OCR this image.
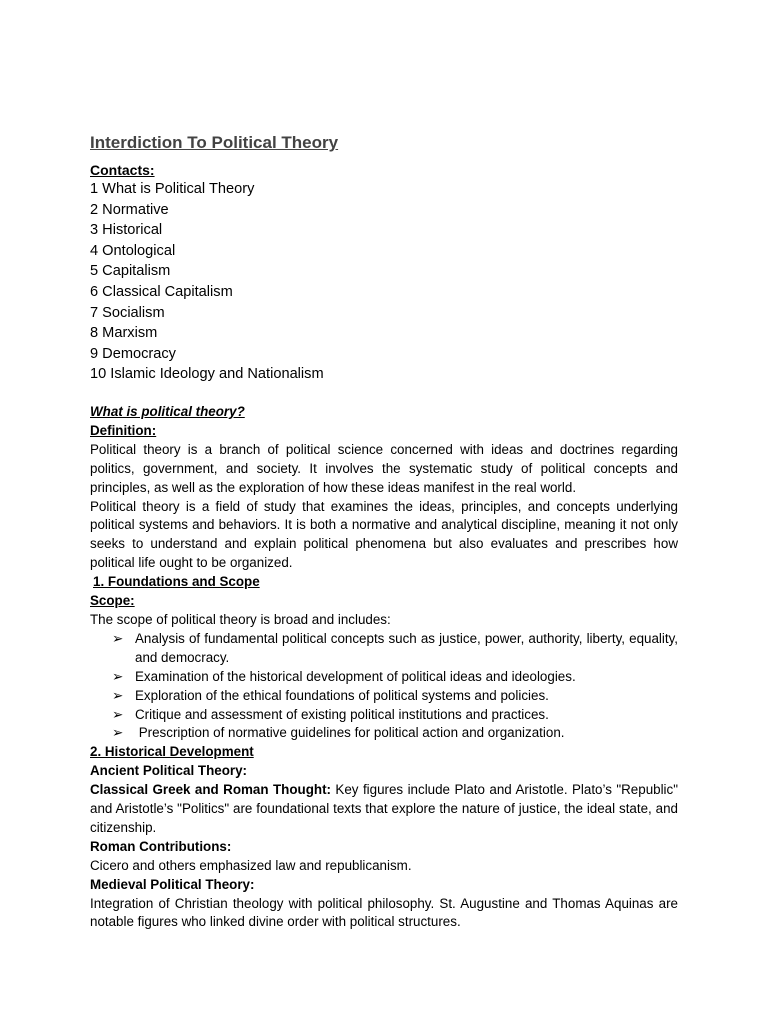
Interdiction To Political Theory
Contacts:
1 What is Political Theory
2 Normative
3 Historical
4 Ontological
5 Capitalism
6 Classical Capitalism
7 Socialism
8 Marxism
9 Democracy
10 Islamic Ideology and Nationalism

What is political theory?

Definition:

Political theory is a branch of political science concerned with ideas and doctrines regarding politics, government, and society. It involves the systematic study of political concepts and principles, as well as the exploration of how these ideas manifest in the real world.

Political theory is a field of study that examines the ideas, principles, and concepts underlying political systems and behaviors. It is both a normative and analytical discipline, meaning it not only seeks to understand and explain political phenomena but also evaluates and prescribes how political life ought to be organized.

1. Foundations and Scope

Scope:

The scope of political theory is broad and includes:

➢ Analysis of fundamental political concepts such as justice, power, authority, liberty, equality, and democracy.
➢ Examination of the historical development of political ideas and ideologies.
➢ Exploration of the ethical foundations of political systems and policies.
➢ Critique and assessment of existing political institutions and practices.
➢ Prescription of normative guidelines for political action and organization.

2. Historical Development

Ancient Political Theory:

Classical Greek and Roman Thought: Key figures include Plato and Aristotle. Plato’s "Republic" and Aristotle’s "Politics" are foundational texts that explore the nature of justice, the ideal state, and citizenship.

Roman Contributions:

Cicero and others emphasized law and republicanism.

Medieval Political Theory:

Integration of Christian theology with political philosophy. St. Augustine and Thomas Aquinas are notable figures who linked divine order with political structures.
